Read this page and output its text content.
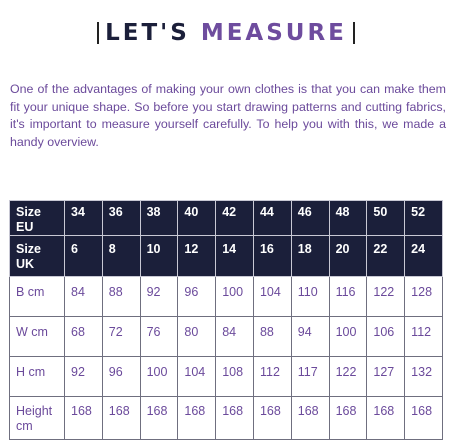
LET'S MEASURE

One of the advantages of making your own clothes is that you can make them fit your unique shape. So before you start drawing patterns and cutting fabrics, it's important to measure yourself carefully. To help you with this, we made a handy overview.

Size EU	34	36	38	40	42	44	46	48	50	52
Size UK	6	8	10	12	14	16	18	20	22	24
B cm	84	88	92	96	100	104	110	116	122	128
W cm	68	72	76	80	84	88	94	100	106	112
H cm	92	96	100	104	108	112	117	122	127	132
Height cm	168	168	168	168	168	168	168	168	168	168
